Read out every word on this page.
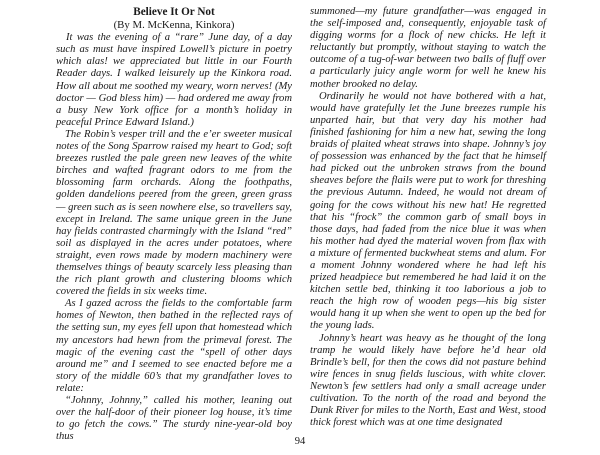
Believe It Or Not
(By M. McKenna, Kinkora)

It was the evening of a “rare” June day, of a day such as must have inspired Lowell’s picture in poetry which alas! we appreciated but little in our Fourth Reader days. I walked leisurely up the Kinkora road. How all about me soothed my weary, worn nerves! (My doctor — God bless him) — had ordered me away from a busy New York office for a month’s holiday in peaceful Prince Edward Island.)

The Robin’s vesper trill and the e’er sweeter musical notes of the Song Sparrow raised my heart to God; soft breezes rustled the pale green new leaves of the white birches and wafted fragrant odors to me from the blossoming farm orchards. Along the foothpaths, golden dandelions peered from the green, green grass — green such as is seen nowhere else, so travellers say, except in Ireland. The same unique green in the June hay fields contrasted charmingly with the Island “red” soil as displayed in the acres under potatoes, where straight, even rows made by modern machinery were themselves things of beauty scarcely less pleasing than the rich plant growth and clustering blooms which covered the fields in six weeks time.

As I gazed across the fields to the comfortable farm homes of Newton, then bathed in the reflected rays of the setting sun, my eyes fell upon that homestead which my ancestors had hewn from the primeval forest. The magic of the evening cast the “spell of other days around me” and I seemed to see enacted before me a story of the middle 60’s that my grandfather loves to relate:

“Johnny, Johnny,” called his mother, leaning out over the half-door of their pioneer log house, it’s time to go fetch the cows.” The sturdy nine-year-old boy thus

summoned—my future grandfather—was engaged in the self-imposed and, consequently, enjoyable task of digging worms for a flock of new chicks. He left it reluctantly but promptly, without staying to watch the outcome of a tug-of-war between two balls of fluff over a particularly juicy angle worm for well he knew his mother brooked no delay.

Ordinarily he would not have bothered with a hat, would have gratefully let the June breezes rumple his unparted hair, but that very day his mother had finished fashioning for him a new hat, sewing the long braids of plaited wheat straws into shape. Johnny’s joy of possession was enhanced by the fact that he himself had picked out the unbroken straws from the bound sheaves before the flails were put to work for threshing the previous Autumn. Indeed, he would not dream of going for the cows without his new hat! He regretted that his “frock” the common garb of small boys in those days, had faded from the nice blue it was when his mother had dyed the material woven from flax with a mixture of fermented buckwheat stems and alum. For a moment Johnny wondered where he had left his prized headpiece but remembered he had laid it on the kitchen settle bed, thinking it too laborious a job to reach the high row of wooden pegs—his big sister would hang it up when she went to open up the bed for the young lads.

Johnny’s heart was heavy as he thought of the long tramp he would likely have before he’d hear old Brindle’s bell, for then the cows did not pasture behind wire fences in snug fields luscious, with white clover. Newton’s few settlers had only a small acreage under cultivation. To the north of the road and beyond the Dunk River for miles to the North, East and West, stood thick forest which was at one time designated

94
